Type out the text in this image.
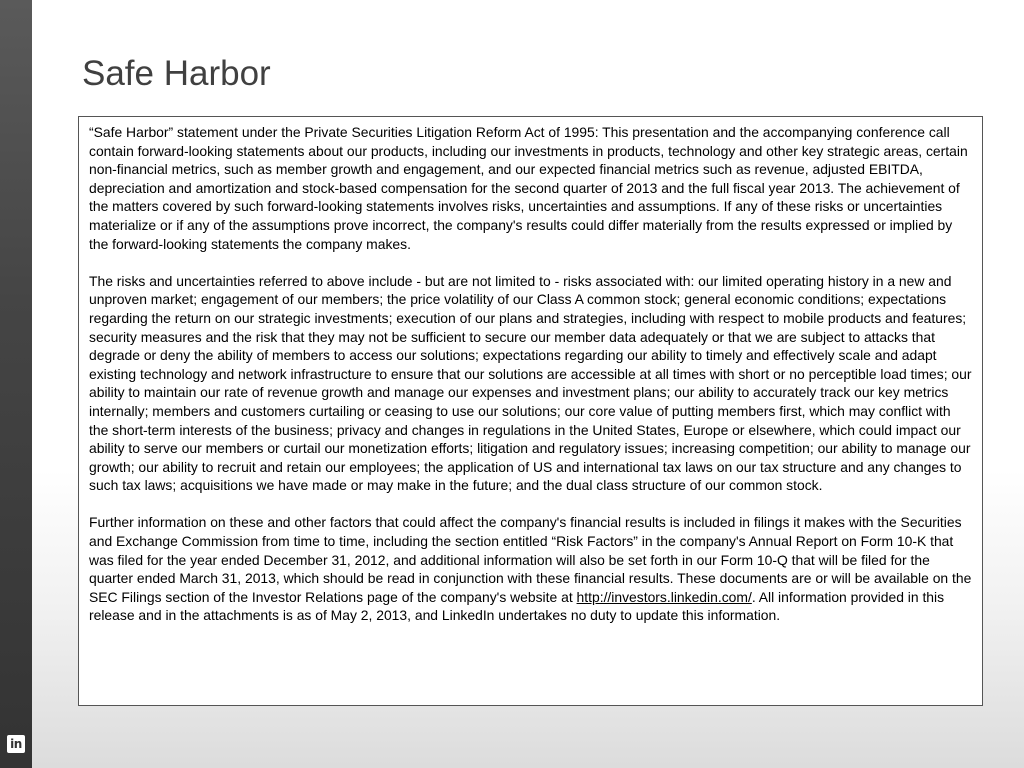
in
Safe Harbor

“Safe Harbor” statement under the Private Securities Litigation Reform Act of 1995: This presentation and the accompanying conference call contain forward-looking statements about our products, including our investments in products, technology and other key strategic areas, certain non-financial metrics, such as member growth and engagement, and our expected financial metrics such as revenue, adjusted EBITDA, depreciation and amortization and stock-based compensation for the second quarter of 2013 and the full fiscal year 2013. The achievement of the matters covered by such forward-looking statements involves risks, uncertainties and assumptions. If any of these risks or uncertainties materialize or if any of the assumptions prove incorrect, the company's results could differ materially from the results expressed or implied by the forward-looking statements the company makes.

The risks and uncertainties referred to above include - but are not limited to - risks associated with: our limited operating history in a new and unproven market; engagement of our members; the price volatility of our Class A common stock; general economic conditions; expectations regarding the return on our strategic investments; execution of our plans and strategies, including with respect to mobile products and features; security measures and the risk that they may not be sufficient to secure our member data adequately or that we are subject to attacks that degrade or deny the ability of members to access our solutions; expectations regarding our ability to timely and effectively scale and adapt existing technology and network infrastructure to ensure that our solutions are accessible at all times with short or no perceptible load times; our ability to maintain our rate of revenue growth and manage our expenses and investment plans; our ability to accurately track our key metrics internally; members and customers curtailing or ceasing to use our solutions; our core value of putting members first, which may conflict with the short-term interests of the business; privacy and changes in regulations in the United States, Europe or elsewhere, which could impact our ability to serve our members or curtail our monetization efforts; litigation and regulatory issues; increasing competition; our ability to manage our growth; our ability to recruit and retain our employees; the application of US and international tax laws on our tax structure and any changes to such tax laws; acquisitions we have made or may make in the future; and the dual class structure of our common stock.

Further information on these and other factors that could affect the company's financial results is included in filings it makes with the Securities and Exchange Commission from time to time, including the section entitled “Risk Factors” in the company's Annual Report on Form 10-K that was filed for the year ended December 31, 2012, and additional information will also be set forth in our Form 10-Q that will be filed for the quarter ended March 31, 2013, which should be read in conjunction with these financial results. These documents are or will be available on the SEC Filings section of the Investor Relations page of the company's website at http://investors.linkedin.com/. All information provided in this release and in the attachments is as of May 2, 2013, and LinkedIn undertakes no duty to update this information.
